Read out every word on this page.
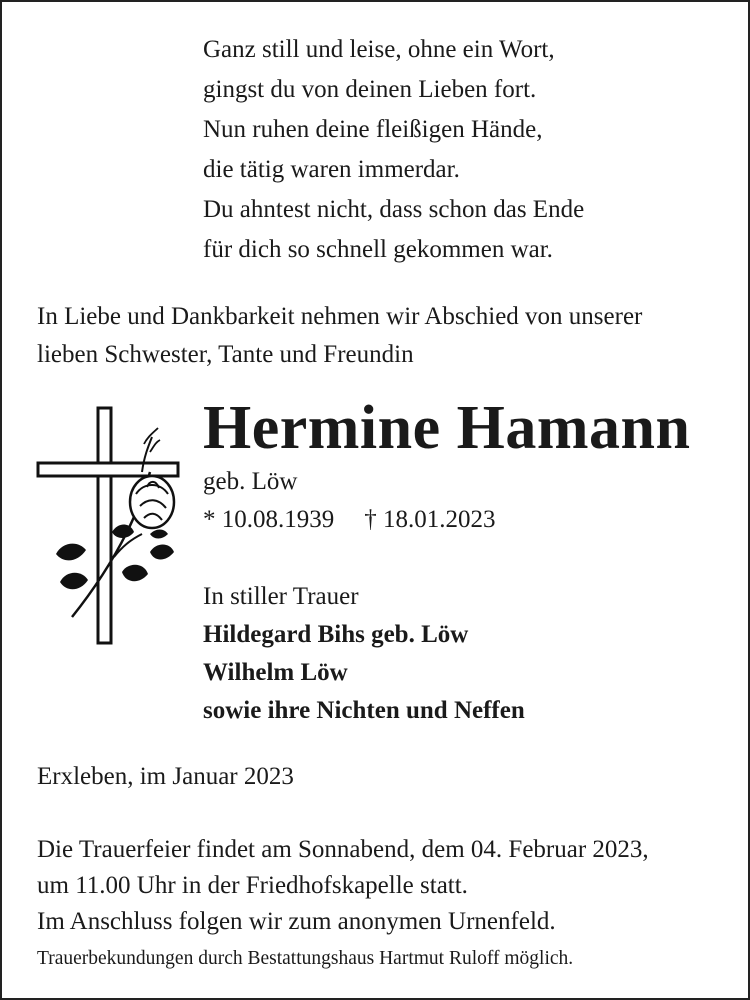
Ganz still und leise, ohne ein Wort,
gingst du von deinen Lieben fort.
Nun ruhen deine fleißigen Hände,
die tätig waren immerdar.
Du ahntest nicht, dass schon das Ende
für dich so schnell gekommen war.
In Liebe und Dankbarkeit nehmen wir Abschied von unserer
lieben Schwester, Tante und Freundin
Hermine Hamann
geb. Löw
* 10.08.1939 † 18.01.2023
In stiller Trauer
Hildegard Bihs geb. Löw
Wilhelm Löw
sowie ihre Nichten und Neffen
Erxleben, im Januar 2023
Die Trauerfeier findet am Sonnabend, dem 04. Februar 2023,
um 11.00 Uhr in der Friedhofskapelle statt.
Im Anschluss folgen wir zum anonymen Urnenfeld.
Trauerbekundungen durch Bestattungshaus Hartmut Ruloff möglich.
